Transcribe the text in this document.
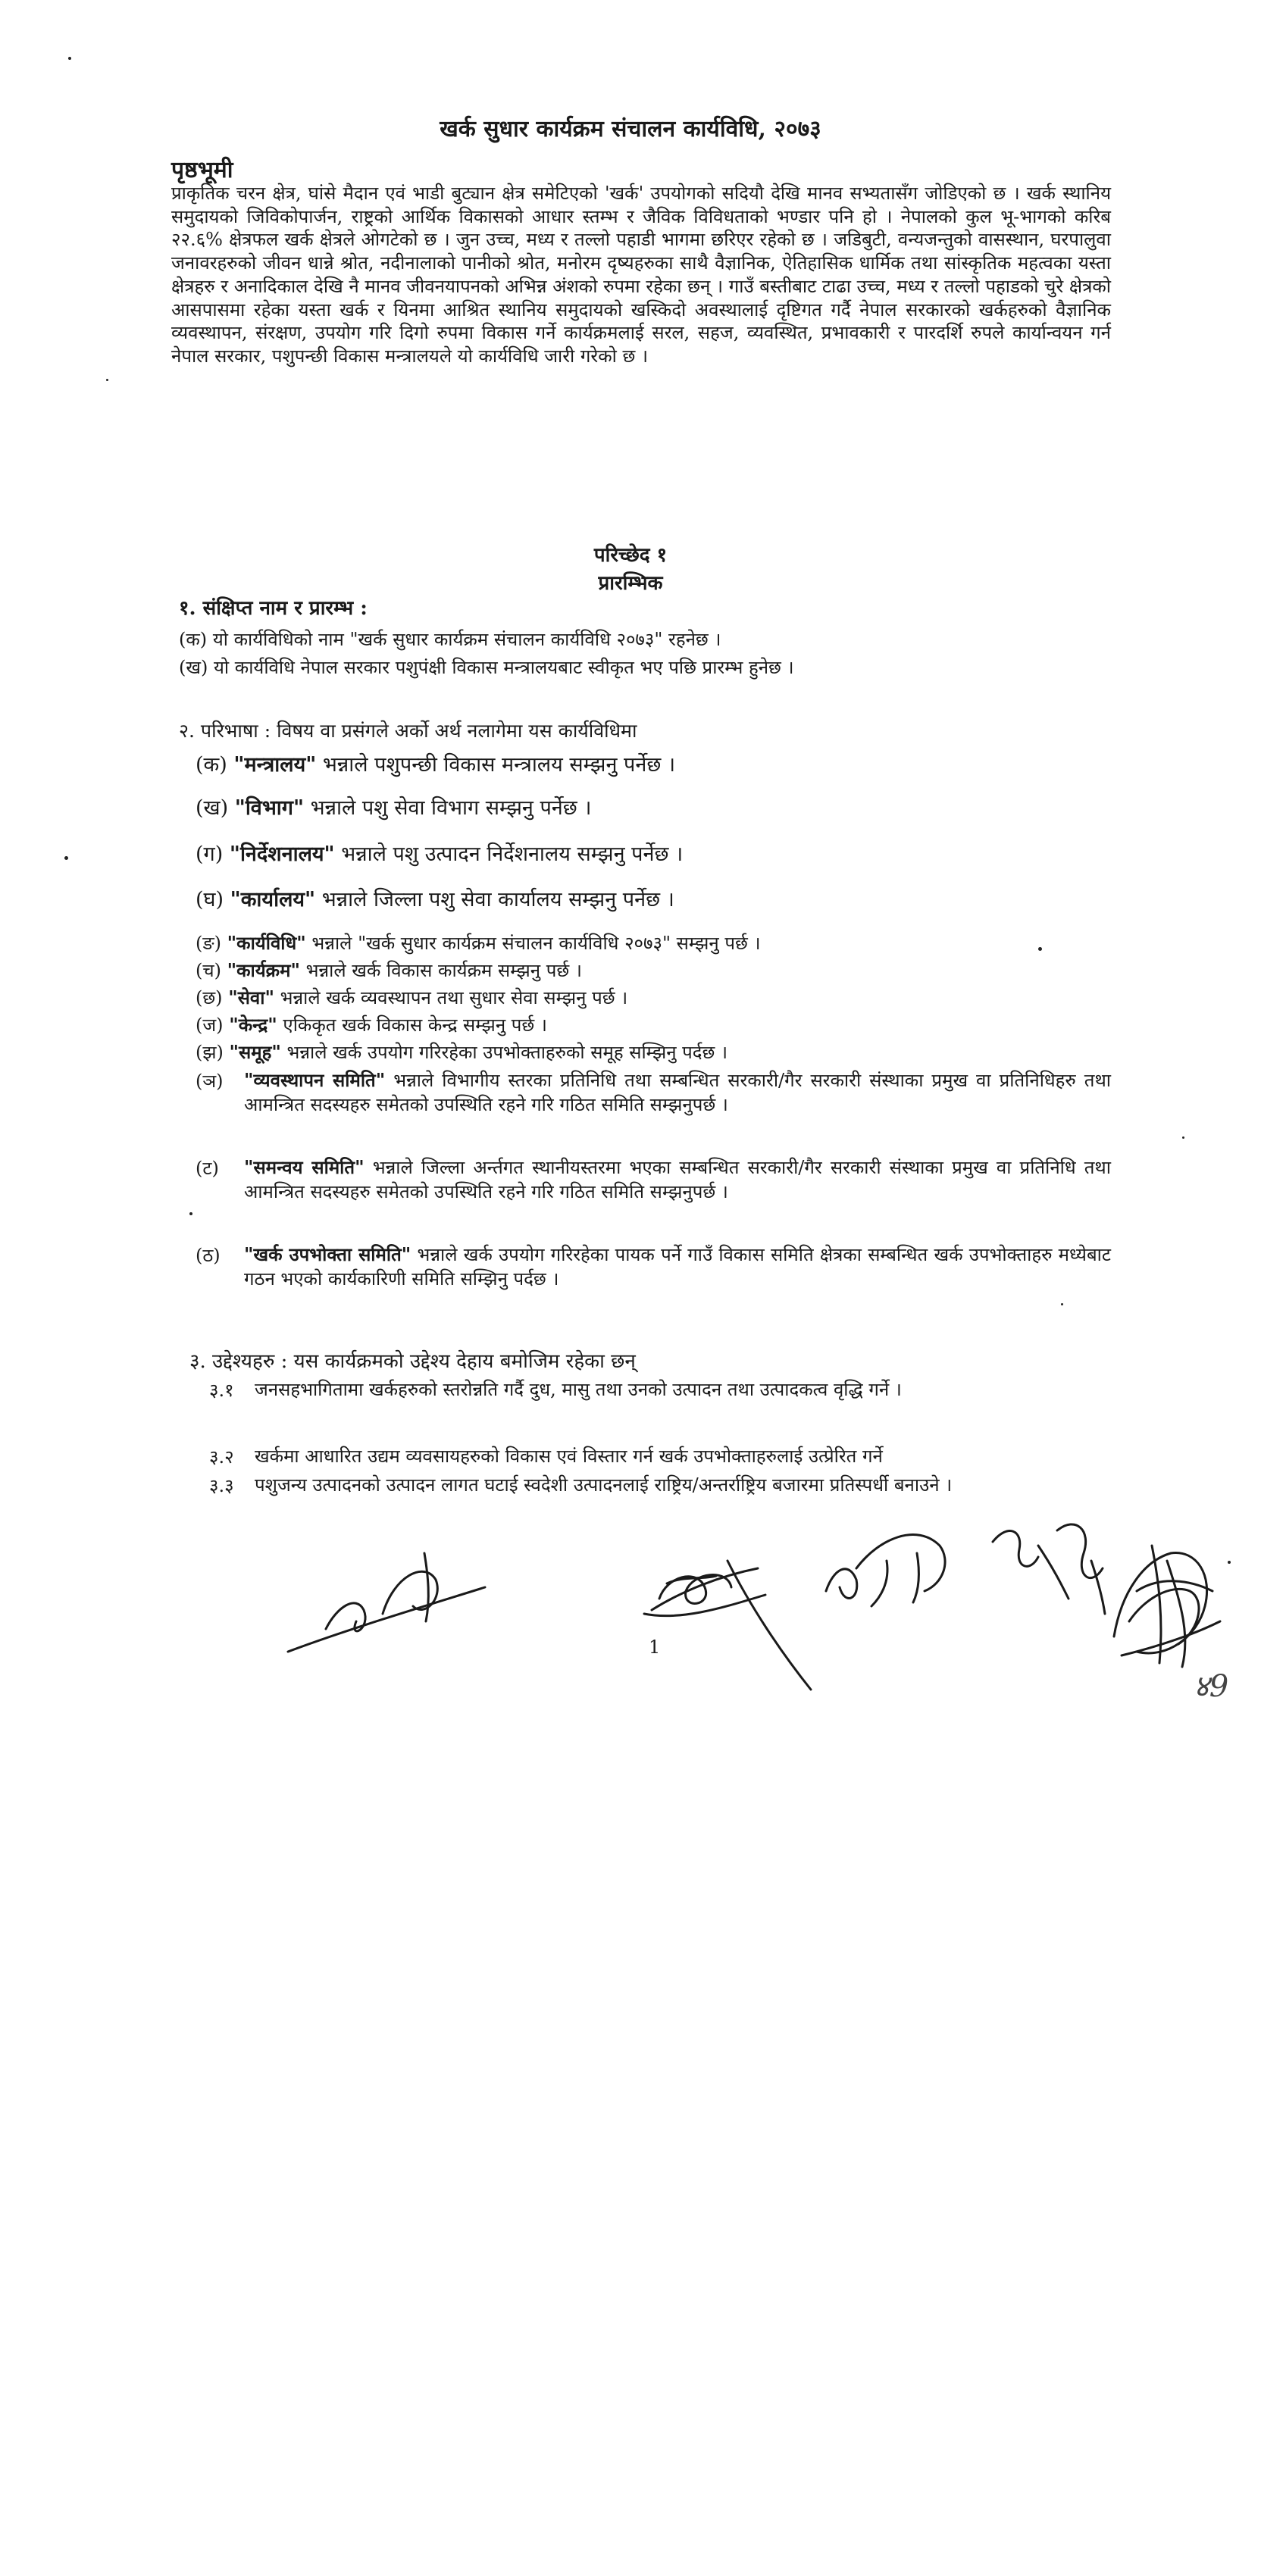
खर्क सुधार कार्यक्रम संचालन कार्यविधि, २०७३
पृष्ठभूमी
प्राकृतिक चरन क्षेत्र, घांसे मैदान एवं भाडी बुट्यान क्षेत्र समेटिएको 'खर्क' उपयोगको सदियौ देखि मानव सभ्यतासँग जोडिएको छ । खर्क स्थानिय समुदायको जिविकोपार्जन, राष्ट्रको आर्थिक विकासको आधार स्तम्भ र जैविक विविधताको भण्डार पनि हो । नेपालको कुल भू-भागको करिब २२.६% क्षेत्रफल खर्क क्षेत्रले ओगटेको छ । जुन उच्च, मध्य र तल्लो पहाडी भागमा छरिएर रहेको छ । जडिबुटी, वन्यजन्तुको वासस्थान, घरपालुवा जनावरहरुको जीवन धान्ने श्रोत, नदीनालाको पानीको श्रोत, मनोरम दृष्यहरुका साथै वैज्ञानिक, ऐतिहासिक धार्मिक तथा सांस्कृतिक महत्वका यस्ता क्षेत्रहरु र अनादिकाल देखि नै मानव जीवनयापनको अभिन्न अंशको रुपमा रहेका छन् । गाउँ बस्तीबाट टाढा उच्च, मध्य र तल्लो पहाडको चुरे क्षेत्रको आसपासमा रहेका यस्ता खर्क र यिनमा आश्रित स्थानिय समुदायको खस्किदो अवस्थालाई दृष्टिगत गर्दै नेपाल सरकारको खर्कहरुको वैज्ञानिक व्यवस्थापन, संरक्षण, उपयोग गरि दिगो रुपमा विकास गर्ने कार्यक्रमलाई सरल, सहज, व्यवस्थित, प्रभावकारी र पारदर्शि रुपले कार्यान्वयन गर्न नेपाल सरकार, पशुपन्छी विकास मन्त्रालयले यो कार्यविधि जारी गरेको छ ।
परिच्छेद १
प्रारम्भिक
१. संक्षिप्त नाम र प्रारम्भ :
(क) यो कार्यविधिको नाम "खर्क सुधार कार्यक्रम संचालन कार्यविधि २०७३" रहनेछ ।
(ख) यो कार्यविधि नेपाल सरकार पशुपंक्षी विकास मन्त्रालयबाट स्वीकृत भए पछि प्रारम्भ हुनेछ ।
२. परिभाषा : विषय वा प्रसंगले अर्को अर्थ नलागेमा यस कार्यविधिमा
(क) "मन्त्रालय" भन्नाले पशुपन्छी विकास मन्त्रालय सम्झनु पर्नेछ ।
(ख) "विभाग" भन्नाले पशु सेवा विभाग सम्झनु पर्नेछ ।
(ग) "निर्देशनालय" भन्नाले पशु उत्पादन निर्देशनालय सम्झनु पर्नेछ ।
(घ) "कार्यालय" भन्नाले जिल्ला पशु सेवा कार्यालय सम्झनु पर्नेछ ।
(ङ) "कार्यविधि" भन्नाले "खर्क सुधार कार्यक्रम संचालन कार्यविधि २०७३" सम्झनु पर्छ ।
(च) "कार्यक्रम" भन्नाले खर्क विकास कार्यक्रम सम्झनु पर्छ ।
(छ) "सेवा" भन्नाले खर्क व्यवस्थापन तथा सुधार सेवा सम्झनु पर्छ ।
(ज) "केन्द्र" एकिकृत खर्क विकास केन्द्र सम्झनु पर्छ ।
(झ) "समूह" भन्नाले खर्क उपयोग गरिरहेका उपभोक्ताहरुको समूह सम्झिनु पर्दछ ।
(ञ) "व्यवस्थापन समिति" भन्नाले विभागीय स्तरका प्रतिनिधि तथा सम्बन्धित सरकारी/गैर सरकारी संस्थाका प्रमुख वा प्रतिनिधिहरु तथा आमन्त्रित सदस्यहरु समेतको उपस्थिति रहने गरि गठित समिति सम्झनुपर्छ ।
(ट) "समन्वय समिति" भन्नाले जिल्ला अर्न्तगत स्थानीयस्तरमा भएका सम्बन्धित सरकारी/गैर सरकारी संस्थाका प्रमुख वा प्रतिनिधि तथा आमन्त्रित सदस्यहरु समेतको उपस्थिति रहने गरि गठित समिति सम्झनुपर्छ ।
(ठ) "खर्क उपभोक्ता समिति" भन्नाले खर्क उपयोग गरिरहेका पायक पर्ने गाउँ विकास समिति क्षेत्रका सम्बन्धित खर्क उपभोक्ताहरु मध्येबाट गठन भएको कार्यकारिणी समिति सम्झिनु पर्दछ ।
३. उद्देश्यहरु : यस कार्यक्रमको उद्देश्य देहाय बमोजिम रहेका छन्
३.१ जनसहभागितामा खर्कहरुको स्तरोन्नति गर्दै दुध, मासु तथा उनको उत्पादन तथा उत्पादकत्व वृद्धि गर्ने ।
३.२ खर्कमा आधारित उद्यम व्यवसायहरुको विकास एवं विस्तार गर्न खर्क उपभोक्ताहरुलाई उत्प्रेरित गर्ने
३.३ पशुजन्य उत्पादनको उत्पादन लागत घटाई स्वदेशी उत्पादनलाई राष्ट्रिय/अन्तर्राष्ट्रिय बजारमा प्रतिस्पर्धी बनाउने ।
1
४9
